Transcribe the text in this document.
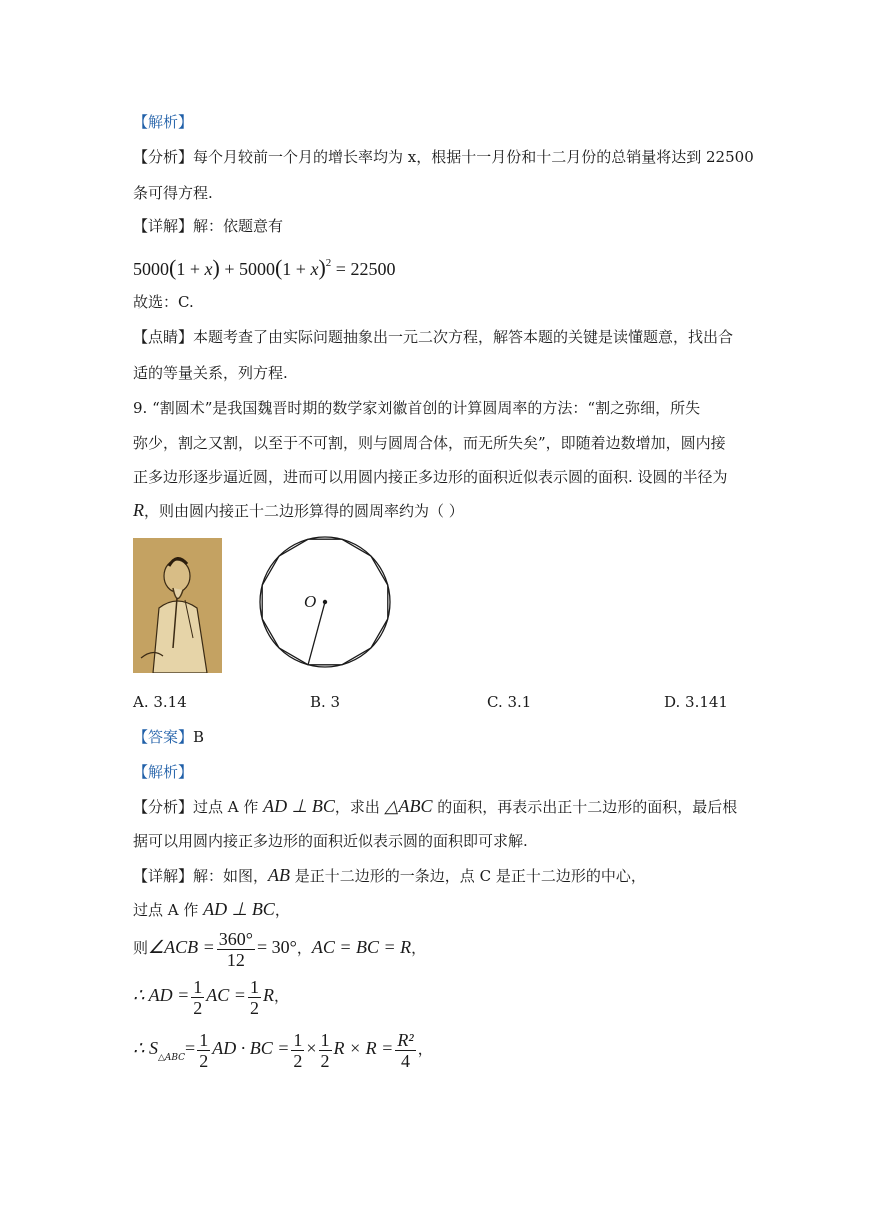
【解析】
【分析】每个月较前一个月的增长率均为 x，根据十一月份和十二月份的总销量将达到 22500
条可得方程.
【详解】解：依题意有
$5000(1 + x) + 5000(1 + x)^2 = 22500$
故选：C.
【点睛】本题考查了由实际问题抽象出一元二次方程，解答本题的关键是读懂题意，找出合
适的等量关系，列方程.
9. “割圆术”是我国魏晋时期的数学家刘徽首创的计算圆周率的方法：“割之弥细，所失
弥少，割之又割，以至于不可割，则与圆周合体，而无所失矣”，即随着边数增加，圆内接
正多边形逐步逼近圆，进而可以用圆内接正多边形的面积近似表示圆的面积. 设圆的半径为
R，则由圆内接正十二边形算得的圆周率约为（ ）
O
A. 3.14	B. 3	C. 3.1	D. 3.141
【答案】B
【解析】
【分析】过点 A 作 AD ⊥ BC，求出 △ABC 的面积，再表示出正十二边形的面积，最后根
据可以用圆内接正多边形的面积近似表示圆的面积即可求解.
【详解】解：如图，AB 是正十二边形的一条边，点 C 是正十二边形的中心，
过点 A 作 AD ⊥ BC，
则∠ACB = $\frac{360^\circ}{12} = 30^\circ$，AC = BC = R，
∴ AD = $\frac{1}{2}$ AC = $\frac{1}{2}$ R，
∴ $S_{\triangle ABC}= \frac{1}{2}$ AD · BC = $\frac{1}{2} \times \frac{1}{2}$ $R \times R = \frac{\text{R²}}{4}$ ，
